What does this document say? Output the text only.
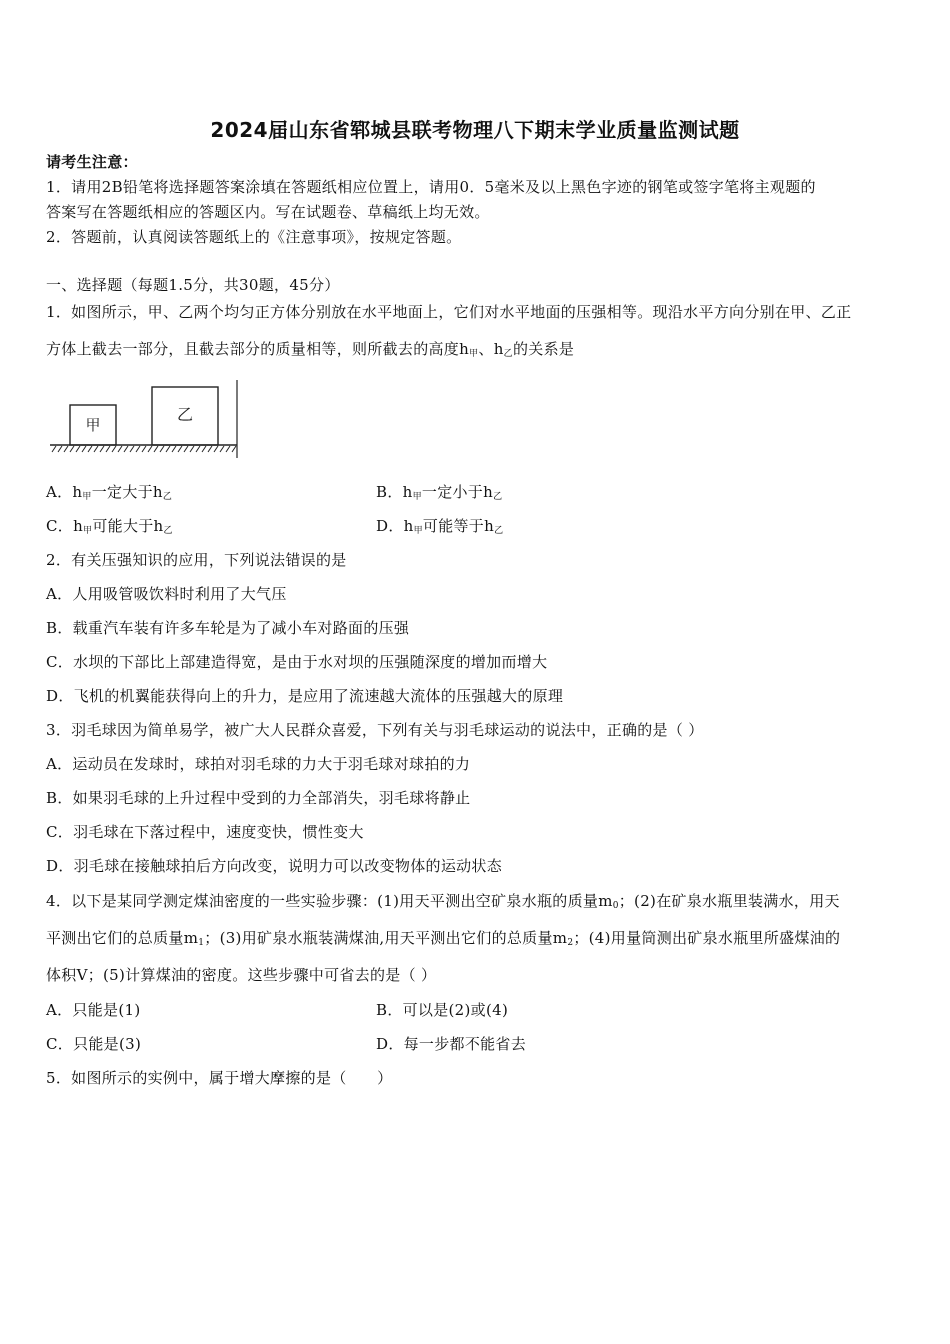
2024届山东省郓城县联考物理八下期末学业质量监测试题
请考生注意：
1．请用2B铅笔将选择题答案涂填在答题纸相应位置上，请用0．5毫米及以上黑色字迹的钢笔或签字笔将主观题的
答案写在答题纸相应的答题区内。写在试题卷、草稿纸上均无效。
2．答题前，认真阅读答题纸上的《注意事项》，按规定答题。
一、选择题（每题1.5分，共30题，45分）
1．如图所示，甲、乙两个均匀正方体分别放在水平地面上，它们对水平地面的压强相等。现沿水平方向分别在甲、乙正
方体上截去一部分，且截去部分的质量相等，则所截去的高度$h_甲$、$h_乙$的关系是
甲
乙
A．$h_甲$一定大于$h_乙$	B．$h_甲$一定小于$h_乙$
C．$h_甲$可能大于$h_乙$	D．$h_甲$可能等于$h_乙$
2．有关压强知识的应用，下列说法错误的是
A．人用吸管吸饮料时利用了大气压
B．载重汽车装有许多车轮是为了减小车对路面的压强
C．水坝的下部比上部建造得宽，是由于水对坝的压强随深度的增加而增大
D．飞机的机翼能获得向上的升力，是应用了流速越大流体的压强越大的原理
3．羽毛球因为简单易学，被广大人民群众喜爱，下列有关与羽毛球运动的说法中，正确的是（ ）
A．运动员在发球时，球拍对羽毛球的力大于羽毛球对球拍的力
B．如果羽毛球的上升过程中受到的力全部消失，羽毛球将静止
C．羽毛球在下落过程中，速度变快，惯性变大
D．羽毛球在接触球拍后方向改变，说明力可以改变物体的运动状态
4．以下是某同学测定煤油密度的一些实验步骤：(1)用天平测出空矿泉水瓶的质量$m_0$；(2)在矿泉水瓶里装满水，用天
平测出它们的总质量$m_1$；(3)用矿泉水瓶装满煤油,用天平测出它们的总质量$m_2$；(4)用量筒测出矿泉水瓶里所盛煤油的
体积V；(5)计算煤油的密度。这些步骤中可省去的是（ ）
A．只能是(1)	B．可以是(2)或(4)
C．只能是(3)	D．每一步都不能省去
5．如图所示的实例中，属于增大摩擦的是（　　）
